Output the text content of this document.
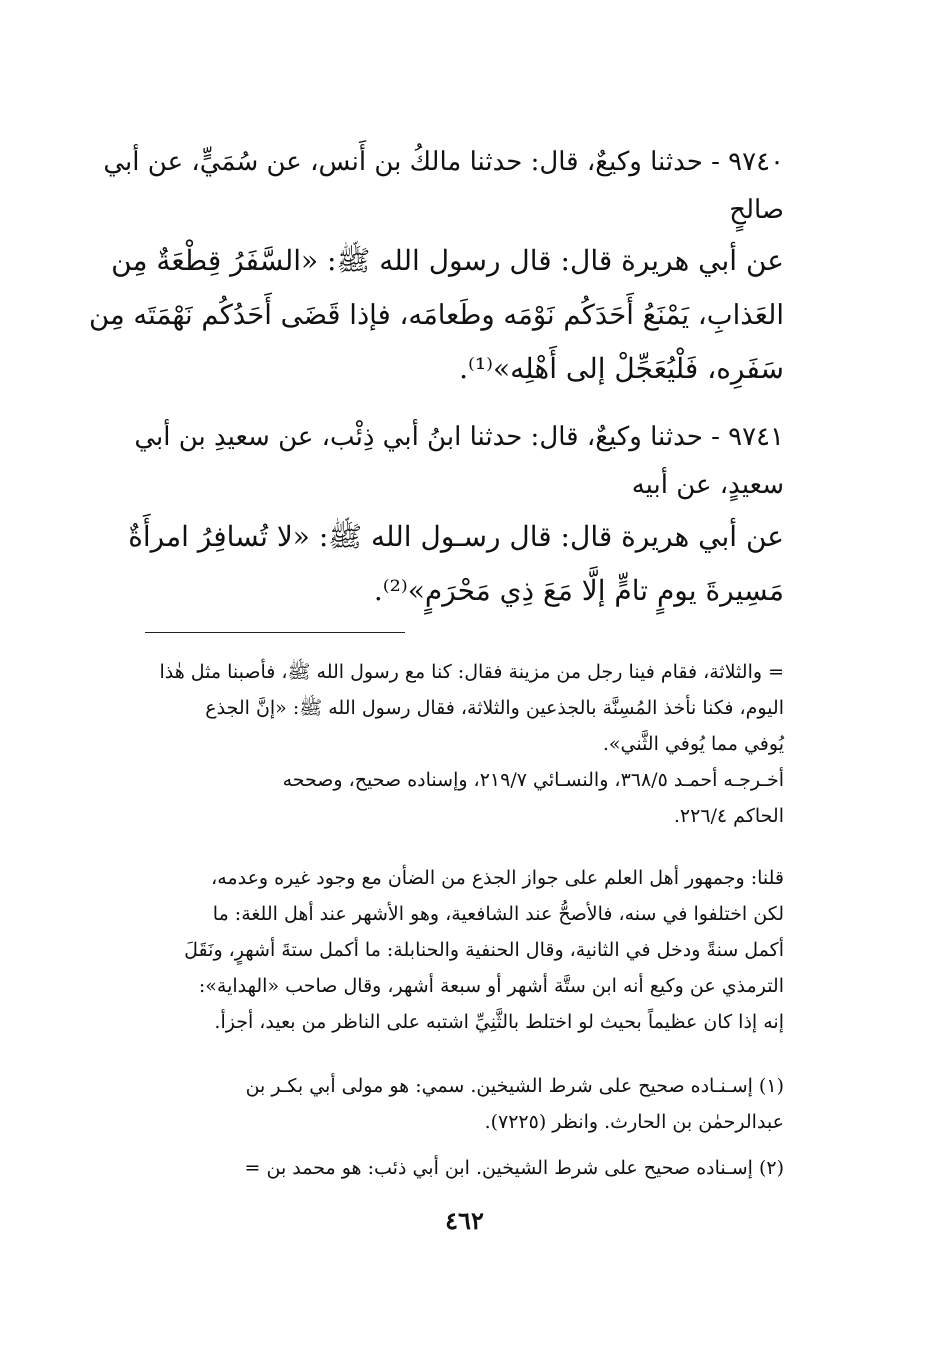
٩٧٤٠ - حدثنا وكيعٌ، قال: حدثنا مالكُ بن أَنس، عن سُمَيٍّ، عن أبي
صالحٍ
عن أبي هريرة قال: قال رسول الله ﷺ: «السَّفَرُ قِطْعَةٌ مِن
العَذابِ، يَمْنَعُ أَحَدَكُم نَوْمَه وطَعامَه، فإذا قَضَى أَحَدُكُم نَهْمَتَه مِن
سَفَرِه، فَلْيُعَجِّلْ إلى أَهْلِه»⁽¹⁾.
٩٧٤١ - حدثنا وكيعٌ، قال: حدثنا ابنُ أبي ذِئْب، عن سعيدِ بن أبي
سعيدٍ، عن أبيه
عن أبي هريرة قال: قال رسـول الله ﷺ: «لا تُسافِرُ امرأَةٌ
مَسِيرةَ يومٍ تامٍّ إلَّا مَعَ ذِي مَحْرَمٍ»⁽²⁾.
= والثلاثة، فقام فينا رجل من مزينة فقال: كنا مع رسول الله ﷺ، فأصبنا مثل هٰذا
اليوم، فكنا نأخذ المُسِنَّة بالجذعين والثلاثة، فقال رسول الله ﷺ: «إنَّ الجذع
يُوفي مما يُوفي الثَّني».
أخـرجـه أحمـد ٣٦٨/٥، والنسـائي ٢١٩/٧، وإسناده صحيح، وصححه
الحاكم ٢٢٦/٤.
قلنا: وجمهور أهل العلم على جواز الجذع من الضأن مع وجود غيره وعدمه،
لكن اختلفوا في سنه، فالأصحُّ عند الشافعية، وهو الأشهر عند أهل اللغة: ما
أكمل سنةً ودخل في الثانية، وقال الحنفية والحنابلة: ما أكمل ستةَ أشهرٍ، ونَقَلَ
الترمذي عن وكيع أنه ابن ستَّة أشهر أو سبعة أشهر، وقال صاحب «الهداية»:
إنه إذا كان عظيماً بحيث لو اختلط بالثَّنِيِّ اشتبه على الناظر من بعيد، أجزأ.
(١) إسـنـاده صحيح على شرط الشيخين. سمي: هو مولى أبي بكـر بن
عبدالرحمٰن بن الحارث. وانظر (٧٢٢٥).
(٢) إسـناده صحيح على شرط الشيخين. ابن أبي ذئب: هو محمد بن =
٤٦٢
